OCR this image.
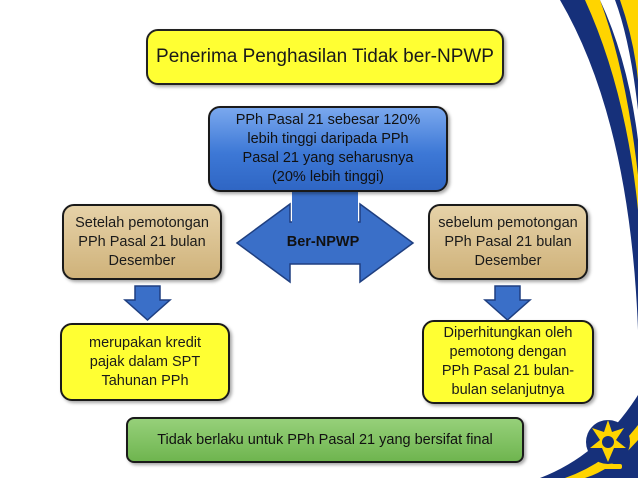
Penerima Penghasilan Tidak ber-NPWP
PPh Pasal 21 sebesar 120%
lebih tinggi daripada PPh
Pasal 21 yang seharusnya
(20% lebih tinggi)
Ber-NPWP
Setelah pemotongan
PPh Pasal 21 bulan
Desember
sebelum pemotongan
PPh Pasal 21 bulan
Desember
merupakan kredit
pajak dalam SPT
Tahunan PPh
Diperhitungkan oleh
pemotong dengan
PPh Pasal 21 bulan-
bulan selanjutnya
Tidak berlaku untuk PPh Pasal 21 yang bersifat final
